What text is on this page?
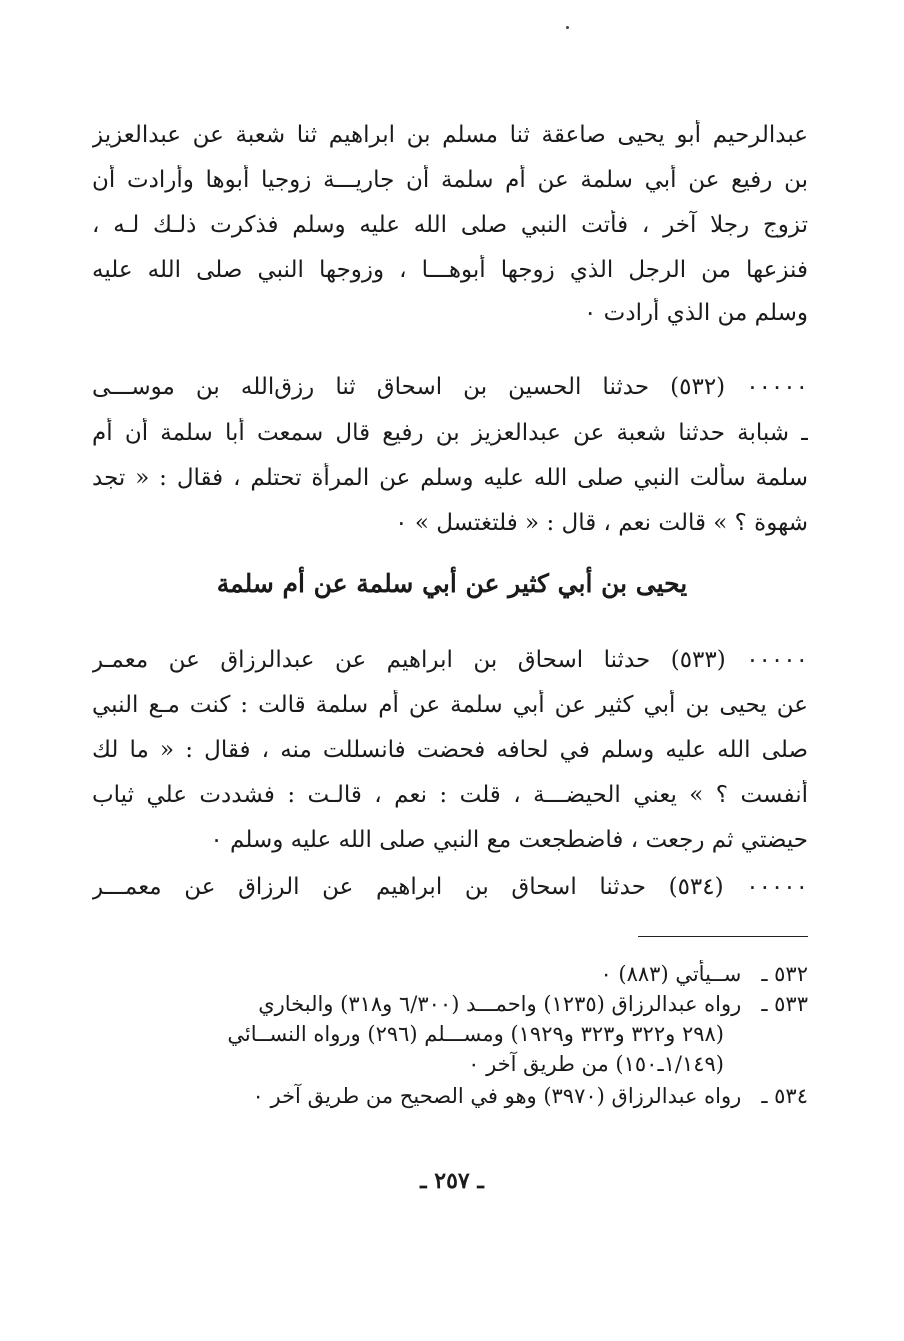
عبدالرحيم أبو يحيى صاعقة ثنا مسلم بن ابراهيم ثنا شعبة عن عبدالعزيز
بن رفيع عن أبي سلمة عن أم سلمة أن جاريـــة زوجيا أبوها وأرادت أن
تزوج رجلا آخر ، فأتت النبي صلى الله عليه وسلم فذكرت ذلـك لـه ،
فنزعها من الرجل الذي زوجها أبوهـــا ، وزوجها النبي صلى الله عليه
وسلم من الذي أرادت ٠
٠٠٠٠٠ (٥٣٢) حدثنا الحسين بن اسحاق ثنا رزق‌الله بن موســـى
ـ شبابة حدثنا شعبة عن عبدالعزيز بن رفيع قال سمعت أبا سلمة أن أم
سلمة سألت النبي صلى الله عليه وسلم عن المرأة تحتلم ، فقال : « تجد
شهوة ؟ » قالت نعم ، قال : « فلتغتسل » ٠
يحيى بن أبي كثير عن أبي سلمة عن أم سلمة
٠٠٠٠٠ (٥٣٣) حدثنا اسحاق بن ابراهيم عن عبدالرزاق عن معمـر
عن يحيى بن أبي كثير عن أبي سلمة عن أم سلمة قالت : كنت مـع النبي
صلى الله عليه وسلم في لحافه فحضت فانسللت منه ، فقال : « ما لك
أنفست ؟ » يعني الحيضـــة ، قلت : نعم ، قالـت : فشددت علي ثياب
حيضتي ثم رجعت ، فاضطجعت مع النبي صلى الله عليه وسلم ٠
٠٠٠٠٠ (٥٣٤) حدثنا اسحاق بن ابراهيم عن الرزاق عن معمـــر
٥٣٢ ـ ســيأتي (٨٨٣) ٠
٥٣٣ ـ رواه عبدالرزاق (١٢٣٥) واحمـــد (٦/٣٠٠ و٣١٨) والبخاري
(٢٩٨ و٣٢٢ و٣٢٣ و١٩٢٩) ومســـلم (٢٩٦) ورواه النســائي
(١/١٤٩ـ١٥٠) من طريق آخر ٠
٥٣٤ ـ رواه عبدالرزاق (٣٩٧٠) وهو في الصحيح من طريق آخر ٠
ـ ٢٥٧ ـ
